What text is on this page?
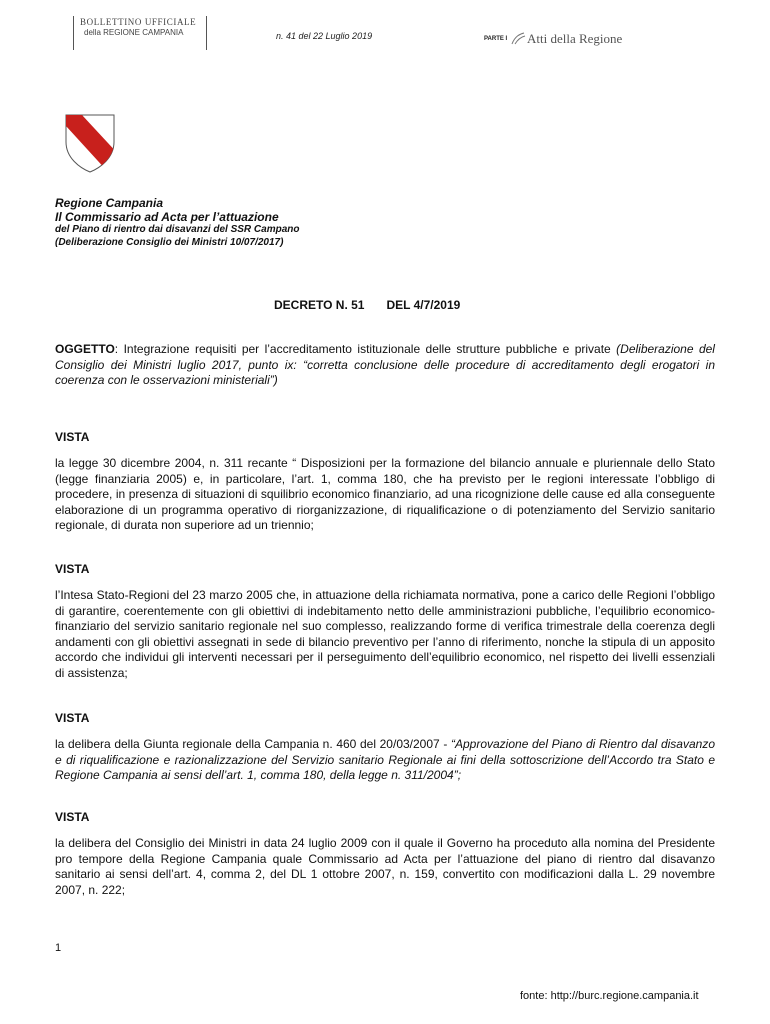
BOLLETTINO UFFICIALE
della REGIONE CAMPANIA	n. 41 del 22 Luglio 2019	PARTE I Atti della Regione
Regione Campania
Il Commissario ad Acta per l’attuazione
del Piano di rientro dai disavanzi del SSR Campano
(Deliberazione Consiglio dei Ministri 10/07/2017)
DECRETO N. 51 DEL 4/7/2019
OGGETTO: Integrazione requisiti per l’accreditamento istituzionale delle strutture pubbliche e private (Deliberazione del Consiglio dei Ministri luglio 2017, punto ix: “corretta conclusione delle procedure di accreditamento degli erogatori in coerenza con le osservazioni ministeriali”)
VISTA
la legge 30 dicembre 2004, n. 311 recante “ Disposizioni per la formazione del bilancio annuale e pluriennale dello Stato (legge finanziaria 2005) e, in particolare, l’art. 1, comma 180, che ha previsto per le regioni interessate l’obbligo di procedere, in presenza di situazioni di squilibrio economico finanziario, ad una ricognizione delle cause ed alla conseguente elaborazione di un programma operativo di riorganizzazione, di riqualificazione o di potenziamento del Servizio sanitario regionale, di durata non superiore ad un triennio;
VISTA
l’Intesa Stato-Regioni del 23 marzo 2005 che, in attuazione della richiamata normativa, pone a carico delle Regioni l’obbligo di garantire, coerentemente con gli obiettivi di indebitamento netto delle amministrazioni pubbliche, l’equilibrio economico-finanziario del servizio sanitario regionale nel suo complesso, realizzando forme di verifica trimestrale della coerenza degli andamenti con gli obiettivi assegnati in sede di bilancio preventivo per l’anno di riferimento, nonche la stipula di un apposito accordo che individui gli interventi necessari per il perseguimento dell’equilibrio economico, nel rispetto dei livelli essenziali di assistenza;
VISTA
la delibera della Giunta regionale della Campania n. 460 del 20/03/2007 - “Approvazione del Piano di Rientro dal disavanzo e di riqualificazione e razionalizzazione del Servizio sanitario Regionale ai fini della sottoscrizione dell’Accordo tra Stato e Regione Campania ai sensi dell’art. 1, comma 180, della legge n. 311/2004”;
VISTA
la delibera del Consiglio dei Ministri in data 24 luglio 2009 con il quale il Governo ha proceduto alla nomina del Presidente pro tempore della Regione Campania quale Commissario ad Acta per l’attuazione del piano di rientro dal disavanzo sanitario ai sensi dell’art. 4, comma 2, del DL 1 ottobre 2007, n. 159, convertito con modificazioni dalla L. 29 novembre 2007, n. 222;
1
fonte: http://burc.regione.campania.it
